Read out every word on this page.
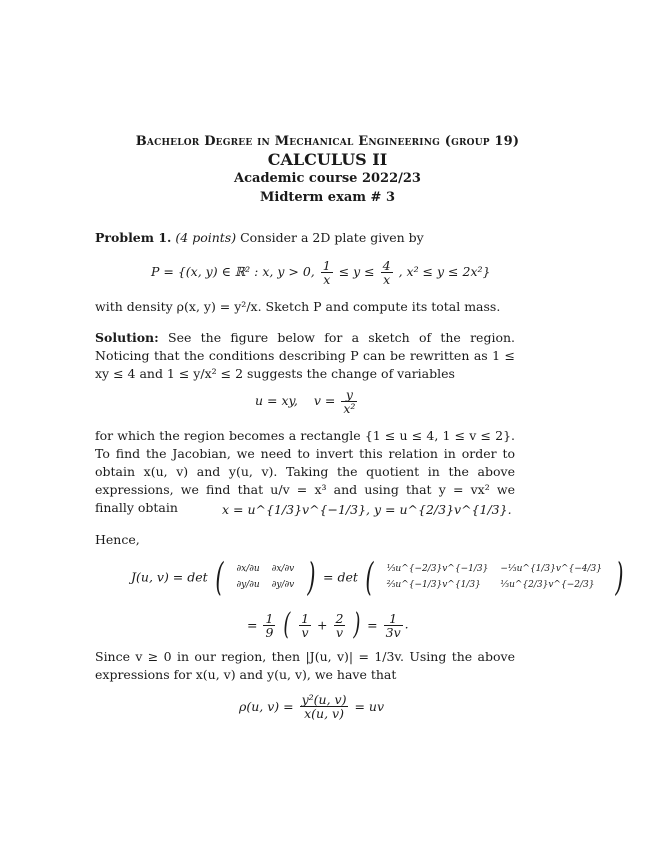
Bachelor Degree in Mechanical Engineering (group 19)
CALCULUS II
Academic course 2022/23
Midterm exam # 3
Problem 1. (4 points) Consider a 2D plate given by
P = {(x, y) ∈ ℝ² : x, y > 0, $\frac{1}{x} \le y \le \frac{4}{x}$ , x² ≤ y ≤ 2x²}
with density ρ(x, y) = y²/x. Sketch P and compute its total mass.
Solution: See the figure below for a sketch of the region. Noticing that the conditions describing P can be rewritten as 1 ≤ xy ≤ 4 and 1 ≤ y/x² ≤ 2 suggests the change of variables
u = xy, $v = \frac{y}{\text{x²}}$
for which the region becomes a rectangle {1 ≤ u ≤ 4, 1 ≤ v ≤ 2}. To find the Jacobian, we need to invert this relation in order to obtain x(u, v) and y(u, v). Taking the quotient in the above expressions, we find that u/v = x³ and using that y = vx² we finally obtain	x = u^{1/3}v^{−1/3}, y = u^{2/3}v^{1/3}.
Hence,
J(u, v) = det ( ∂x/∂u	∂x/∂v
∂y/∂u	∂y/∂v ) = det ( ⅓u^{−2/3}v^{−1/3}	−⅓u^{1/3}v^{−4/3}
⅔u^{−1/3}v^{1/3}	⅓u^{2/3}v^{−2/3} )
= $\frac{1}{9}$ ( $\frac{1}{v} + \frac{2}{v}$ ) = $\frac{1}{3v}$ .
Since v ≥ 0 in our region, then |J(u, v)| = 1/3v. Using the above expressions for x(u, v) and y(u, v), we have that
ρ(u, $v) = \frac{\text{y²(u, v)}}{x(u, v)}$ = uv
